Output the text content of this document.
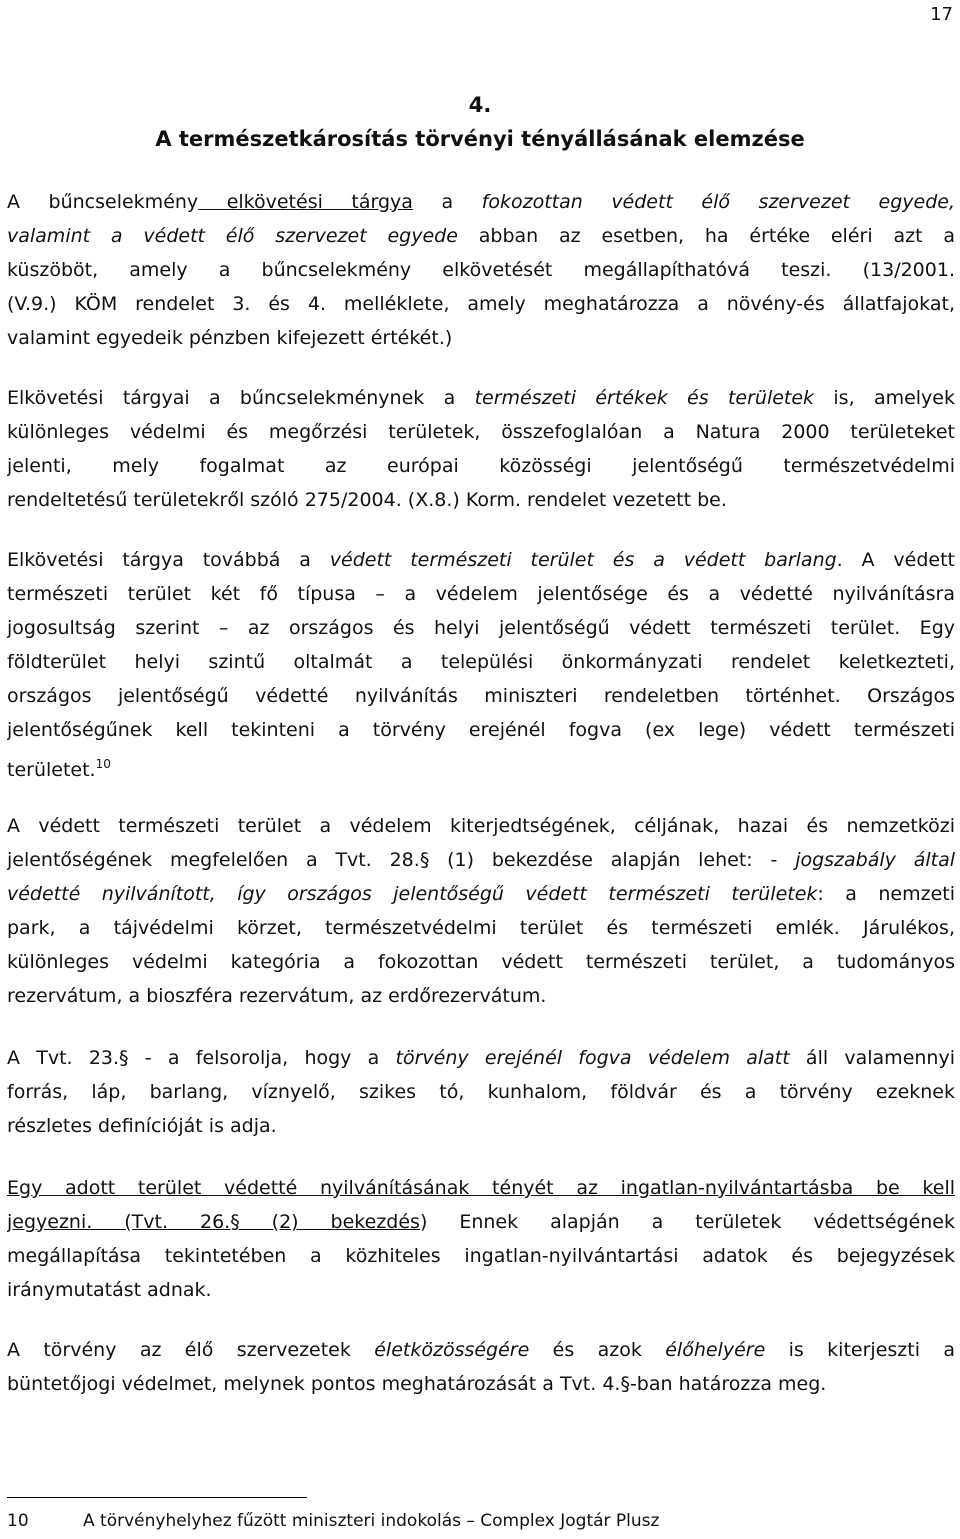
17
4.
A természetkárosítás törvényi tényállásának elemzése
A bűncselekmény elkövetési tárgya a fokozottan védett élő szervezet egyede,
valamint a védett élő szervezet egyede abban az esetben, ha értéke eléri azt a
küszöböt, amely a bűncselekmény elkövetését megállapíthatóvá teszi. (13/2001.
(V.9.) KÖM rendelet 3. és 4. melléklete, amely meghatározza a növény-és állatfajokat,
valamint egyedeik pénzben kifejezett értékét.)
Elkövetési tárgyai a bűncselekménynek a természeti értékek és területek is, amelyek
különleges védelmi és megőrzési területek, összefoglalóan a Natura 2000 területeket
jelenti, mely fogalmat az európai közösségi jelentőségű természetvédelmi
rendeltetésű területekről szóló 275/2004. (X.8.) Korm. rendelet vezetett be.
Elkövetési tárgya továbbá a védett természeti terület és a védett barlang. A védett
természeti terület két fő típusa – a védelem jelentősége és a védetté nyilvánításra
jogosultság szerint – az országos és helyi jelentőségű védett természeti terület. Egy
földterület helyi szintű oltalmát a települési önkormányzati rendelet keletkezteti,
országos jelentőségű védetté nyilvánítás miniszteri rendeletben történhet. Országos
jelentőségűnek kell tekinteni a törvény erejénél fogva (ex lege) védett természeti
területet.$^{10}$
A védett természeti terület a védelem kiterjedtségének, céljának, hazai és nemzetközi
jelentőségének megfelelően a Tvt. 28.§ (1) bekezdése alapján lehet: - jogszabály által
védetté nyilvánított, így országos jelentőségű védett természeti területek: a nemzeti
park, a tájvédelmi körzet, természetvédelmi terület és természeti emlék. Járulékos,
különleges védelmi kategória a fokozottan védett természeti terület, a tudományos
rezervátum, a bioszféra rezervátum, az erdőrezervátum.
A Tvt. 23.§ - a felsorolja, hogy a törvény erejénél fogva védelem alatt áll valamennyi
forrás, láp, barlang, víznyelő, szikes tó, kunhalom, földvár és a törvény ezeknek
részletes definícióját is adja.
Egy adott terület védetté nyilvánításának tényét az ingatlan-nyilvántartásba be kell
jegyezni. (Tvt. 26.§ (2) bekezdés) Ennek alapján a területek védettségének
megállapítása tekintetében a közhiteles ingatlan-nyilvántartási adatok és bejegyzések
iránymutatást adnak.
A törvény az élő szervezetek életközösségére és azok élőhelyére is kiterjeszti a
büntetőjogi védelmet, melynek pontos meghatározását a Tvt. 4.§-ban határozza meg.
10	A törvényhelyhez fűzött miniszteri indokolás – Complex Jogtár Plusz
